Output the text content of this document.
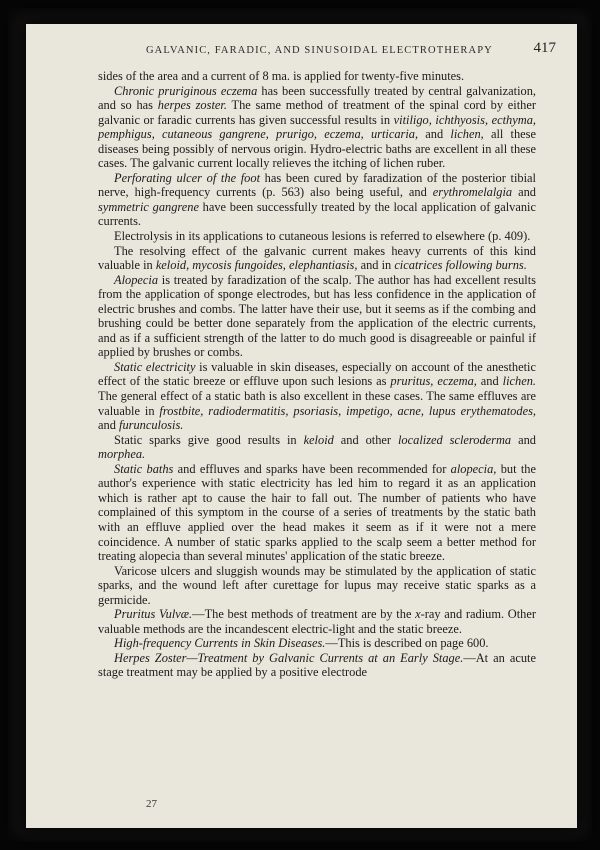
GALVANIC, FARADIC, AND SINUSOIDAL ELECTROTHERAPY	417

sides of the area and a current of 8 ma. is applied for twenty-five minutes.

Chronic pruriginous eczema has been successfully treated by central galvanization, and so has herpes zoster. The same method of treatment of the spinal cord by either galvanic or faradic currents has given successful results in vitiligo, ichthyosis, ecthyma, pemphigus, cutaneous gangrene, prurigo, eczema, urticaria, and lichen, all these diseases being possibly of nervous origin. Hydro-electric baths are excellent in all these cases. The galvanic current locally relieves the itching of lichen ruber.

Perforating ulcer of the foot has been cured by faradization of the posterior tibial nerve, high-frequency currents (p. 563) also being useful, and erythromelalgia and symmetric gangrene have been successfully treated by the local application of galvanic currents.

Electrolysis in its applications to cutaneous lesions is referred to elsewhere (p. 409).

The resolving effect of the galvanic current makes heavy currents of this kind valuable in keloid, mycosis fungoides, elephantiasis, and in cicatrices following burns.

Alopecia is treated by faradization of the scalp. The author has had excellent results from the application of sponge electrodes, but has less confidence in the application of electric brushes and combs. The latter have their use, but it seems as if the combing and brushing could be better done separately from the application of the electric currents, and as if a sufficient strength of the latter to do much good is disagreeable or painful if applied by brushes or combs.

Static electricity is valuable in skin diseases, especially on account of the anesthetic effect of the static breeze or effluve upon such lesions as pruritus, eczema, and lichen. The general effect of a static bath is also excellent in these cases. The same effluves are valuable in frostbite, radiodermatitis, psoriasis, impetigo, acne, lupus erythematodes, and furunculosis.

Static sparks give good results in keloid and other localized scleroderma and morphea.

Static baths and effluves and sparks have been recommended for alopecia, but the author's experience with static electricity has led him to regard it as an application which is rather apt to cause the hair to fall out. The number of patients who have complained of this symptom in the course of a series of treatments by the static bath with an effluve applied over the head makes it seem as if it were not a mere coincidence. A number of static sparks applied to the scalp seem a better method for treating alopecia than several minutes' application of the static breeze.

Varicose ulcers and sluggish wounds may be stimulated by the application of static sparks, and the wound left after curettage for lupus may receive static sparks as a germicide.

Pruritus Vulvæ.—The best methods of treatment are by the x-ray and radium. Other valuable methods are the incandescent electric-light and the static breeze.

High-frequency Currents in Skin Diseases.—This is described on page 600.

Herpes Zoster—Treatment by Galvanic Currents at an Early Stage.—At an acute stage treatment may be applied by a positive electrode

27
